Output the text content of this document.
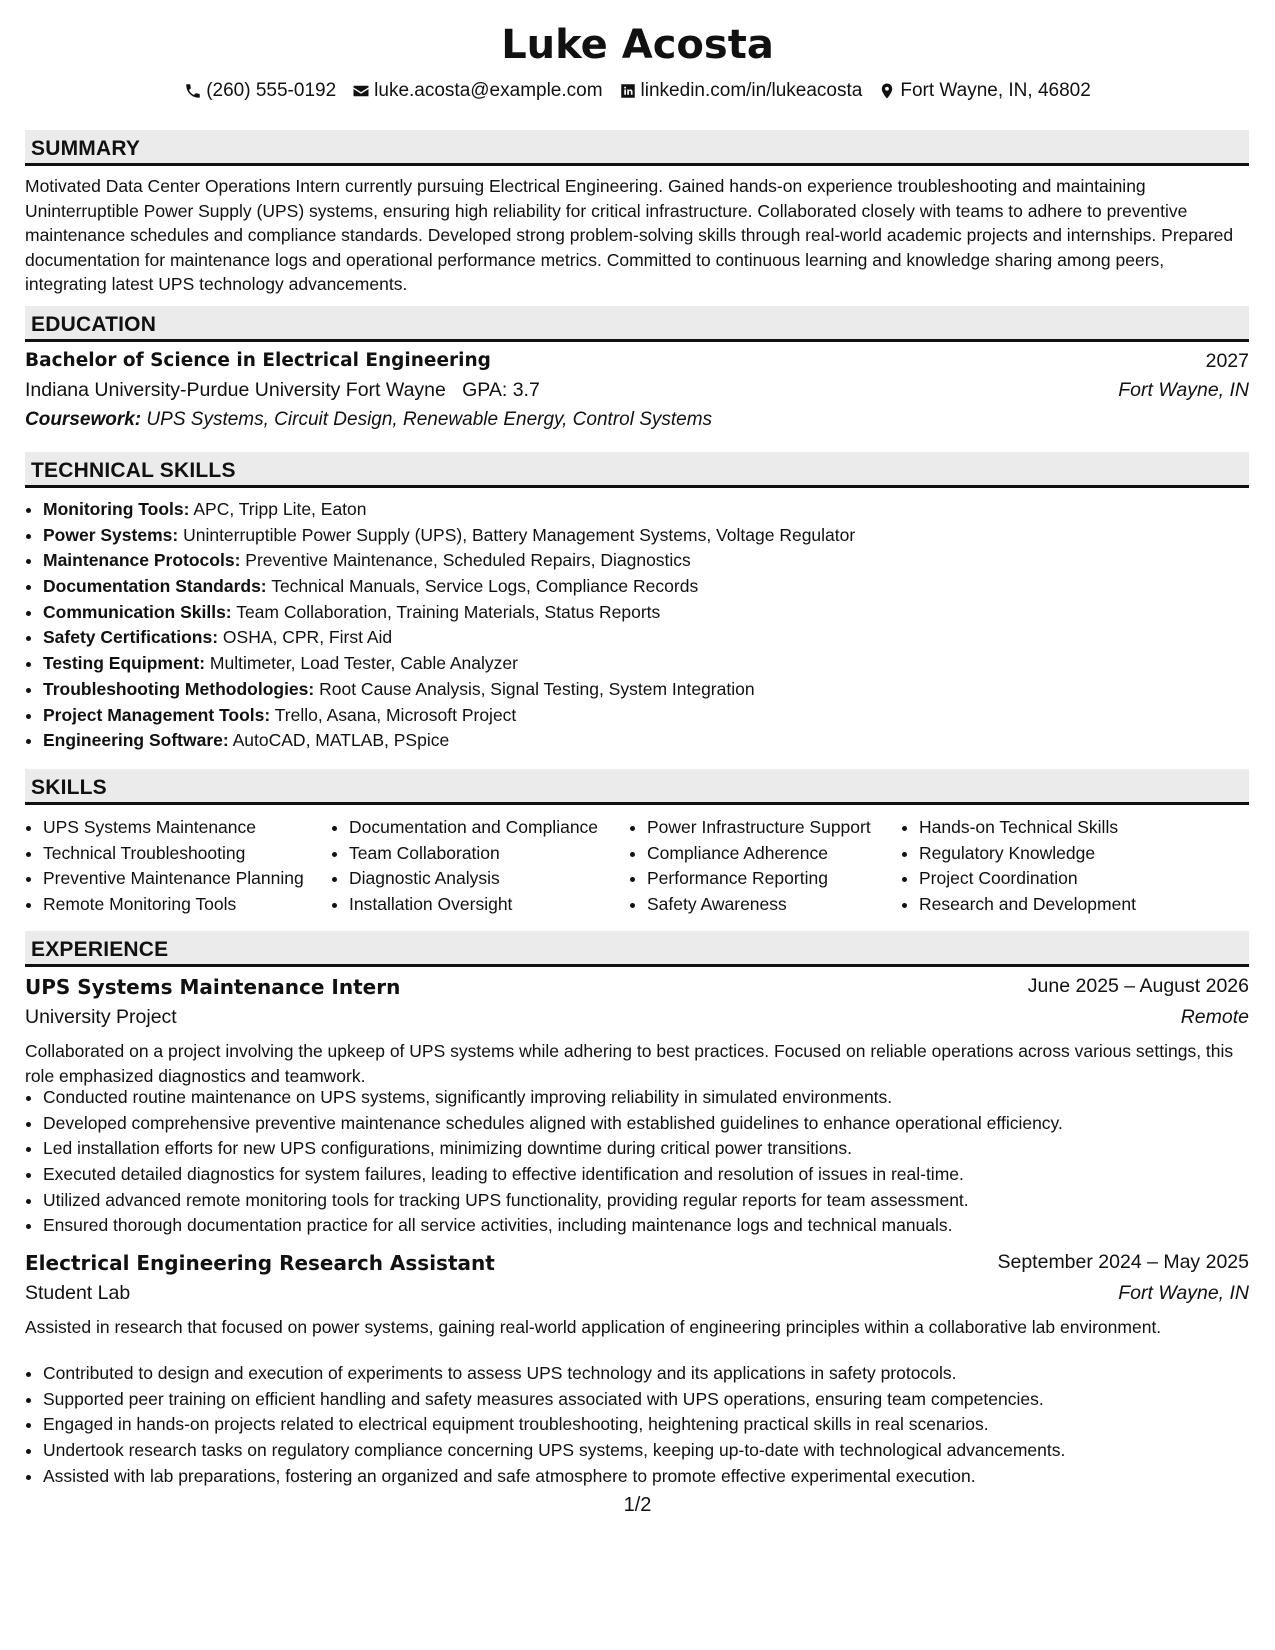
Luke Acosta
(260) 555-0192 luke.acosta@example.com linkedin.com/in/lukeacosta Fort Wayne, IN, 46802
SUMMARY
Motivated Data Center Operations Intern currently pursuing Electrical Engineering. Gained hands-on experience troubleshooting and maintaining Uninterruptible Power Supply (UPS) systems, ensuring high reliability for critical infrastructure. Collaborated closely with teams to adhere to preventive maintenance schedules and compliance standards. Developed strong problem-solving skills through real-world academic projects and internships. Prepared documentation for maintenance logs and operational performance metrics. Committed to continuous learning and knowledge sharing among peers, integrating latest UPS technology advancements.
EDUCATION
Bachelor of Science in Electrical Engineering	2027
Indiana University-Purdue University Fort Wayne GPA: 3.7	Fort Wayne, IN
Coursework: UPS Systems, Circuit Design, Renewable Energy, Control Systems
TECHNICAL SKILLS
• Monitoring Tools: APC, Tripp Lite, Eaton
• Power Systems: Uninterruptible Power Supply (UPS), Battery Management Systems, Voltage Regulator
• Maintenance Protocols: Preventive Maintenance, Scheduled Repairs, Diagnostics
• Documentation Standards: Technical Manuals, Service Logs, Compliance Records
• Communication Skills: Team Collaboration, Training Materials, Status Reports
• Safety Certifications: OSHA, CPR, First Aid
• Testing Equipment: Multimeter, Load Tester, Cable Analyzer
• Troubleshooting Methodologies: Root Cause Analysis, Signal Testing, System Integration
• Project Management Tools: Trello, Asana, Microsoft Project
• Engineering Software: AutoCAD, MATLAB, PSpice
SKILLS
• UPS Systems Maintenance
• Technical Troubleshooting
• Preventive Maintenance Planning
• Remote Monitoring Tools
• Documentation and Compliance
• Team Collaboration
• Diagnostic Analysis
• Installation Oversight
• Power Infrastructure Support
• Compliance Adherence
• Performance Reporting
• Safety Awareness
• Hands-on Technical Skills
• Regulatory Knowledge
• Project Coordination
• Research and Development
EXPERIENCE
UPS Systems Maintenance Intern	June 2025 – August 2026
University Project	Remote
Collaborated on a project involving the upkeep of UPS systems while adhering to best practices. Focused on reliable operations across various settings, this role emphasized diagnostics and teamwork.
• Conducted routine maintenance on UPS systems, significantly improving reliability in simulated environments.
• Developed comprehensive preventive maintenance schedules aligned with established guidelines to enhance operational efficiency.
• Led installation efforts for new UPS configurations, minimizing downtime during critical power transitions.
• Executed detailed diagnostics for system failures, leading to effective identification and resolution of issues in real-time.
• Utilized advanced remote monitoring tools for tracking UPS functionality, providing regular reports for team assessment.
• Ensured thorough documentation practice for all service activities, including maintenance logs and technical manuals.
Electrical Engineering Research Assistant	September 2024 – May 2025
Student Lab	Fort Wayne, IN
Assisted in research that focused on power systems, gaining real-world application of engineering principles within a collaborative lab environment.
• Contributed to design and execution of experiments to assess UPS technology and its applications in safety protocols.
• Supported peer training on efficient handling and safety measures associated with UPS operations, ensuring team competencies.
• Engaged in hands-on projects related to electrical equipment troubleshooting, heightening practical skills in real scenarios.
• Undertook research tasks on regulatory compliance concerning UPS systems, keeping up-to-date with technological advancements.
• Assisted with lab preparations, fostering an organized and safe atmosphere to promote effective experimental execution.
1/2
